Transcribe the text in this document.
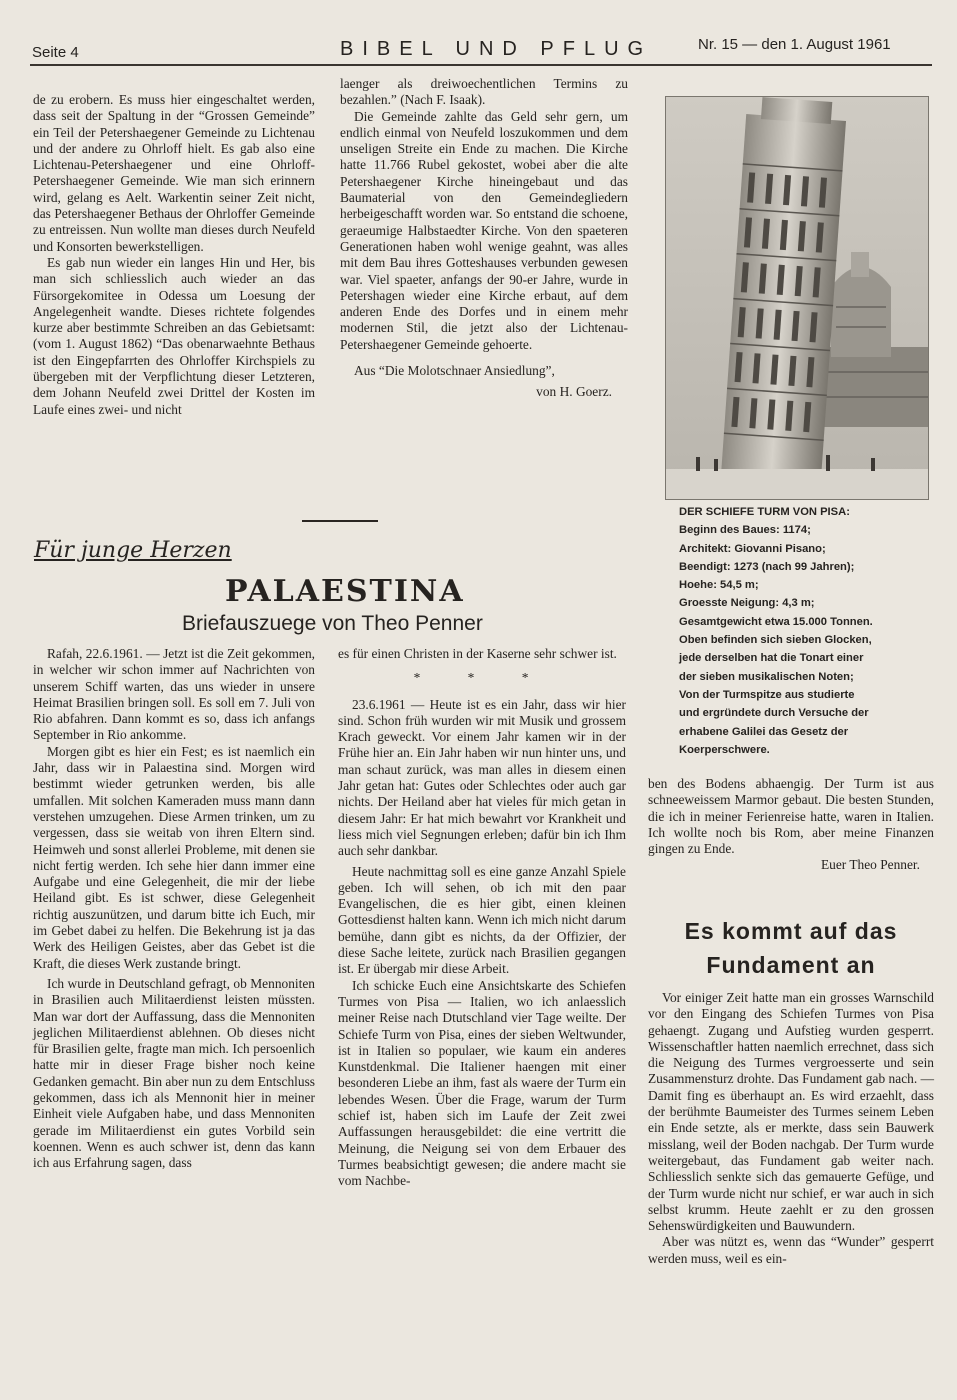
Seite 4	BIBEL UND PFLUG	Nr. 15 — den 1. August 1961

de zu erobern. Es muss hier eingeschaltet werden, dass seit der Spaltung in der “Grossen Gemeinde” ein Teil der Petershaegener Gemeinde zu Lichtenau und der andere zu Ohrloff hielt. Es gab also eine Lichtenau-Petershaegener und eine Ohrloff-Petershaegener Gemeinde. Wie man sich erinnern wird, gelang es Aelt. Warkentin seiner Zeit nicht, das Petershaegener Bethaus der Ohrloffer Gemeinde zu entreissen. Nun wollte man dieses durch Neufeld und Konsorten bewerkstelligen.

Es gab nun wieder ein langes Hin und Her, bis man sich schliesslich auch wieder an das Fürsorgekomitee in Odessa um Loesung der Angelegenheit wandte. Dieses richtete folgendes kurze aber bestimmte Schreiben an das Gebietsamt: (vom 1. August 1862) “Das obenarwaehnte Bethaus ist den Eingepfarrten des Ohrloffer Kirchspiels zu übergeben mit der Verpflichtung dieser Letzteren, dem Johann Neufeld zwei Drittel der Kosten im Laufe eines zwei- und nicht

laenger als dreiwoechentlichen Termins zu bezahlen.” (Nach F. Isaak).

Die Gemeinde zahlte das Geld sehr gern, um endlich einmal von Neufeld loszukommen und dem unseligen Streite ein Ende zu machen. Die Kirche hatte 11.766 Rubel gekostet, wobei aber die alte Petershaegener Kirche hineingebaut und das Baumaterial von den Gemeindegliedern herbeigeschafft worden war. So entstand die schoene, geraeumige Halbstaedter Kirche. Von den spaeteren Generationen haben wohl wenige geahnt, was alles mit dem Bau ihres Gotteshauses verbunden gewesen war. Viel spaeter, anfangs der 90-er Jahre, wurde in Petershagen wieder eine Kirche erbaut, auf dem anderen Ende des Dorfes und in einem mehr modernen Stil, die jetzt also der Lichtenau-Petershaegener Gemeinde gehoerte.

Aus “Die Molotschnaer Ansiedlung”,

von H. Goerz.
DER SCHIEFE TURM VON PISA:
Beginn des Baues: 1174;
Architekt: Giovanni Pisano;
Beendigt: 1273 (nach 99 Jahren);
Hoehe: 54,5 m;
Groesste Neigung: 4,3 m;
Gesamtgewicht etwa 15.000 Tonnen.
Oben befinden sich sieben Glocken,
jede derselben hat die Tonart einer
der sieben musikalischen Noten;
Von der Turmspitze aus studierte
und ergründete durch Versuche der
erhabene Galilei das Gesetz der
Koerperschwere.
Für junge Herzen
PALAESTINA
Briefauszuege von Theo Penner

Rafah, 22.6.1961. — Jetzt ist die Zeit gekommen, in welcher wir schon immer auf Nachrichten von unserem Schiff warten, das uns wieder in unsere Heimat Brasilien bringen soll. Es soll em 7. Juli von Rio abfahren. Dann kommt es so, dass ich anfangs September in Rio ankomme.

Morgen gibt es hier ein Fest; es ist naemlich ein Jahr, dass wir in Palaestina sind. Morgen wird bestimmt wieder getrunken werden, bis alle umfallen. Mit solchen Kameraden muss mann dann verstehen umzugehen. Diese Armen trinken, um zu vergessen, dass sie weitab von ihren Eltern sind. Heimweh und sonst allerlei Probleme, mit denen sie nicht fertig werden. Ich sehe hier dann immer eine Aufgabe und eine Gelegenheit, die mir der liebe Heiland gibt. Es ist schwer, diese Gelegenheit richtig auszunützen, und darum bitte ich Euch, mir im Gebet dabei zu helfen. Die Bekehrung ist ja das Werk des Heiligen Geistes, aber das Gebet ist die Kraft, die dieses Werk zustande bringt.

Ich wurde in Deutschland gefragt, ob Mennoniten in Brasilien auch Militaerdienst leisten müssten. Man war dort der Auffassung, dass die Mennoniten jeglichen Militaerdienst ablehnen. Ob dieses nicht für Brasilien gelte, fragte man mich. Ich persoenlich hatte mir in dieser Frage bisher noch keine Gedanken gemacht. Bin aber nun zu dem Entschluss gekommen, dass ich als Mennonit hier in meiner Einheit viele Aufgaben habe, und dass Mennoniten gerade im Militaerdienst ein gutes Vorbild sein koennen. Wenn es auch schwer ist, denn das kann ich aus Erfahrung sagen, dass

es für einen Christen in der Kaserne sehr schwer ist.

* * *

23.6.1961 — Heute ist es ein Jahr, dass wir hier sind. Schon früh wurden wir mit Musik und grossem Krach geweckt. Vor einem Jahr kamen wir in der Frühe hier an. Ein Jahr haben wir nun hinter uns, und man schaut zurück, was man alles in diesem einen Jahr getan hat: Gutes oder Schlechtes oder auch gar nichts. Der Heiland aber hat vieles für mich getan in diesem Jahr: Er hat mich bewahrt vor Krankheit und liess mich viel Segnungen erleben; dafür bin ich Ihm auch sehr dankbar.

Heute nachmittag soll es eine ganze Anzahl Spiele geben. Ich will sehen, ob ich mit den paar Evangelischen, die es hier gibt, einen kleinen Gottesdienst halten kann. Wenn ich mich nicht darum bemühe, dann gibt es nichts, da der Offizier, der diese Sache leitete, zurück nach Brasilien gegangen ist. Er übergab mir diese Arbeit.

Ich schicke Euch eine Ansichtskarte des Schiefen Turmes von Pisa — Italien, wo ich anlaesslich meiner Reise nach Dtutschland vier Tage weilte. Der Schiefe Turm von Pisa, eines der sieben Weltwunder, ist in Italien so populaer, wie kaum ein anderes Kunstdenkmal. Die Italiener haengen mit einer besonderen Liebe an ihm, fast als waere der Turm ein lebendes Wesen. Über die Frage, warum der Turm schief ist, haben sich im Laufe der Zeit zwei Auffassungen herausgebildet: die eine vertritt die Meinung, die Neigung sei von dem Erbauer des Turmes beabsichtigt gewesen; die andere macht sie vom Nachbe-

ben des Bodens abhaengig. Der Turm ist aus schneeweissem Marmor gebaut. Die besten Stunden, die ich in meiner Ferienreise hatte, waren in Italien. Ich wollte noch bis Rom, aber meine Finanzen gingen zu Ende.

Euer Theo Penner.
Es kommt auf das
Fundament an

Vor einiger Zeit hatte man ein grosses Warnschild vor den Eingang des Schiefen Turmes von Pisa gehaengt. Zugang und Aufstieg wurden gesperrt. Wissenschaftler hatten naemlich errechnet, dass sich die Neigung des Turmes vergroesserte und sein Zusammensturz drohte. Das Fundament gab nach. — Damit fing es überhaupt an. Es wird erzaehlt, dass der berühmte Baumeister des Turmes seinem Leben ein Ende setzte, als er merkte, dass sein Bauwerk misslang, weil der Boden nachgab. Der Turm wurde weitergebaut, das Fundament gab weiter nach. Schliesslich senkte sich das gemauerte Gefüge, und der Turm wurde nicht nur schief, er war auch in sich selbst krumm. Heute zaehlt er zu den grossen Sehenswürdigkeiten und Bauwundern.

Aber was nützt es, wenn das “Wunder” gesperrt werden muss, weil es ein-
